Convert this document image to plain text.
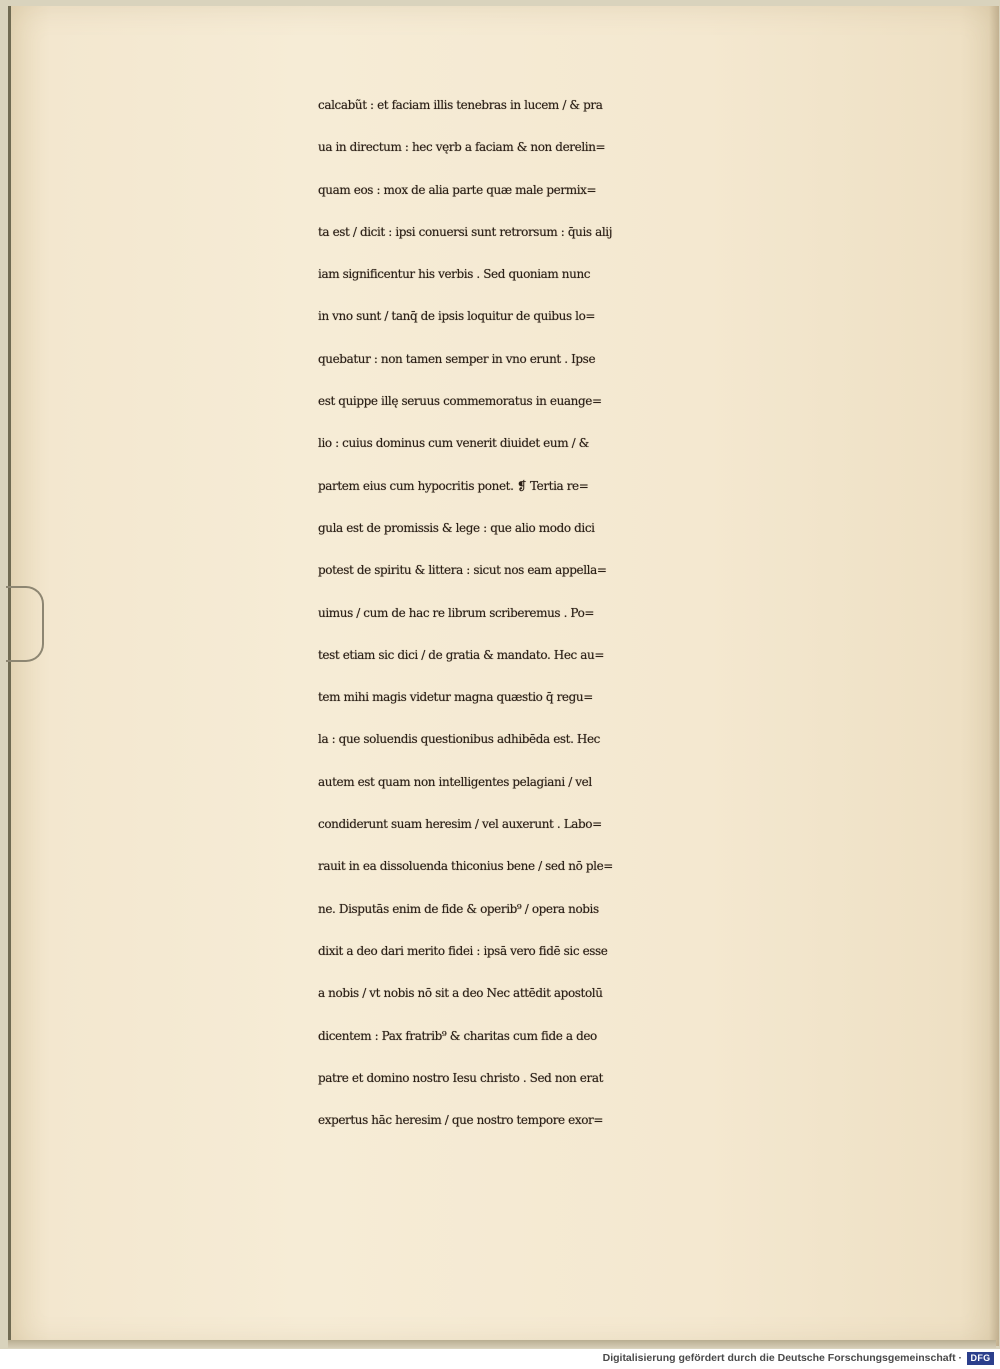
calcabũt : et faciam illis tenebras in lucem / & pra
ua in directum : hec vęrb a faciam & non derelin=
quam eos : mox de alia parte quæ male permix=
ta est / dicit : ipsi conuersi sunt retrorsum : q̄uis alij
iam significentur his verbis . Sed quoniam nunc
in vno sunt / tanq̄ de ipsis loquitur de quibus lo=
quebatur : non tamen semper in vno erunt . Ipse
est quippe illę seruus commemoratus in euange=
lio : cuius dominus cum venerit diuidet eum / &
partem eius cum hypocritis ponet. ❡ Tertia re=
gula est de promissis & lege : que alio modo dici
potest de spiritu & littera : sicut nos eam appella=
uimus / cum de hac re librum scriberemus . Po=
test etiam sic dici / de gratia & mandato. Hec au=
tem mihi magis videtur magna quæstio q̄ regu=
la : que soluendis questionibus adhibēda est. Hec
autem est quam non intelligentes pelagiani / vel
condiderunt suam heresim / vel auxerunt . Labo=
rauit in ea dissoluenda thiconius bene / sed nō ple=
ne. Disputās enim de fide & operib⁹ / opera nobis
dixit a deo dari merito fidei : ipsā vero fidē sic esse
a nobis / vt nobis nō sit a deo Nec attēdit apostolū
dicentem : Pax fratrib⁹ & charitas cum fide a deo
patre et domino nostro Iesu christo . Sed non erat
expertus hāc heresim / que nostro tempore exor=
Digitalisierung gefördert durch die Deutsche Forschungsgemeinschaft · DFG
